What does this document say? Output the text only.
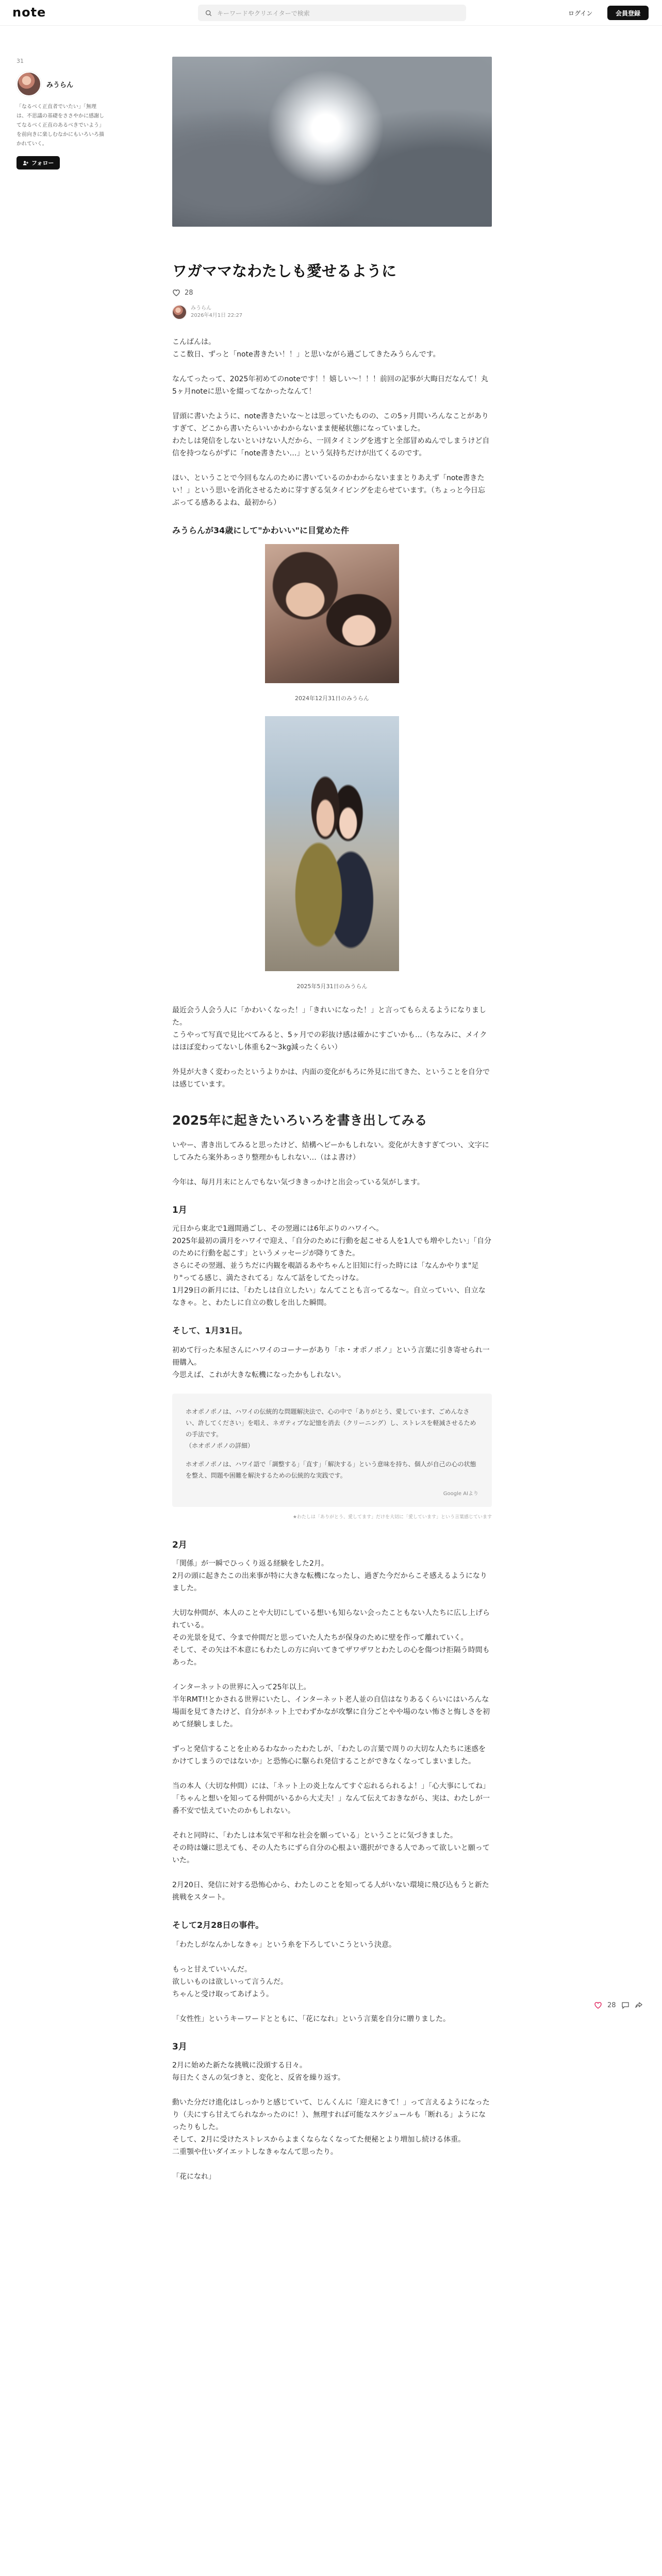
note	キーワードやクリエイターで検索	ログイン	会員登録
31
みうらん
「なるべく正直者でいたい」「無理は、不思議の基礎をささやかに感謝してなるべく正直のあるべきでいよう」を前向きに楽しむなかにもいろいろ描かれていく。
フォロー
ワガママなわたしも愛せるように
28
みうらん
2026年4月1日 22:27

こんばんは。
ここ数日、ずっと「note書きたい！！」と思いながら過ごしてきたみうらんです。

なんてったって、2025年初めてのnoteです！！嬉しい〜！！！前回の記事が大晦日だなんて！丸5ヶ月noteに思いを綴ってなかったなんて！

冒頭に書いたように、note書きたいな〜とは思っていたものの、この5ヶ月間いろんなことがありすぎて、どこから書いたらいいかわからないまま便秘状態になっていました。
わたしは発信をしないといけない人だから、一回タイミングを逃すと全部冒めぬんでしまうけど自信を持つならがずに「note書きたい…」という気持ちだけが出てくるのです。

ほい、ということで今回もなんのために書いているのかわからないままとりあえず「note書きたい！」という思いを消化させるために芽すぎる気タイピングを走らせています。（ちょっと今日忘ぶってる感あるよね、最初から）

みうらんが34歳にして"かわいい"に目覚めた件
2024年12月31日のみうらん
2025年5月31日のみうらん

最近会う人会う人に「かわいくなった！」「きれいになった！」と言ってもらえるようになりました。
こうやって写真で見比べてみると、5ヶ月での彩抜け感は確かにすごいかも…（ちなみに、メイクはほぼ変わってないし体重も2〜3kg減ったくらい）

外見が大きく変わったというよりかは、内面の変化がもろに外見に出てきた、ということを自分では感じています。

2025年に起きたいろいろを書き出してみる

いやー、書き出してみると思ったけど、結構ヘビーかもしれない。変化が大きすぎてつい、文字にしてみたら案外あっさり整理かもしれない…（はよ書け）

今年は、毎月月末にとんでもない気づききっかけと出会っている気がします。

1月

元日から東北で1週間過ごし、その翌週には6年ぶりのハワイへ。
2025年最初の満月をハワイで迎え、「自分のために行動を起こせる人を1人でも増やしたい」「自分のために行動を起こす」というメッセージが降りてきた。
さらにその翌週、並うちだに内観を覗語るあやちゃんと旧知に行った時には「なんかやりま"足り"ってる感じ、満たされてる」なんて話をしてたっけな。
1月29日の新月には、「わたしは自立したい」なんてことも言ってるな〜。自立っていい、自立ななきゃ。と、わたしに自立の数しを出した瞬間。

そして、1月31日。

初めて行った本屋さんにハワイのコーナーがあり「ホ・オポノポノ」という言葉に引き寄せられ一冊購入。
今思えば、これが大きな転機になったかもしれない。

ホオポノポノは、ハワイの伝統的な問題解決法で、心の中で「ありがとう、愛しています、ごめんなさい、許してください」を唱え、ネガティブな記憶を消去（クリーニング）し、ストレスを軽減させるための手法です。
（ホオポノポノの詳細）

ホオポノポノは、ハワイ語で「調整する」「直す」「解決する」という意味を持ち、個人が自己の心の状態を整え、問題や困難を解決するための伝統的な実践です。

Google AIより
★わたしは「ありがとう、愛してます」だけを大切に「愛しています」という言葉感じています
2月

「関係」が一瞬でひっくり返る経験をした2月。
2月の頭に起きたこの出来事が特に大きな転機になったし、過ぎた今だからこそ感えるようになりました。

大切な仲間が、本人のことや大切にしている想いも知らない会ったこともない人たちに広し上げられている。
その光景を見て、今まで仲間だと思っていた人たちが保身のために壁を作って離れていく。
そして、その矢は不本意にもわたしの方に向いてきてザワザワとわたしの心を傷つけ拒隔う時間もあった。

インターネットの世界に入って25年以上。
半年RMT!!とかされる世界にいたし、インターネット老人並の自信はなりあるくらいにはいろんな場面を見てきたけど、自分がネット上でわずかなが攻撃に自分ごとやや場のない怖さと悔しさを初めて経験しました。

ずっと発信することを止めるわなかったわたしが、「わたしの言葉で周りの大切な人たちに迷惑をかけてしまうのではないか」と恐怖心に駆られ発信することができなくなってしまいました。

当の本人（大切な仲間）には、「ネット上の炎上なんてすぐ忘れるられるよ！」「心大事にしてね」「ちゃんと想いを知ってる仲間がいるから大丈夫！」なんて伝えておきながら、実は、わたしが一番不安で怯えていたのかもしれない。

それと同時に、「わたしは本気で平和な社会を願っている」ということに気づきました。
その時は嫌に思えても、その人たちにずら自分の心根よい選択ができる人であって欲しいと願っていた。

2月20日、発信に対する恐怖心から、わたしのことを知ってる人がいない環境に飛び込もうと新た挑戦をスタート。

そして2月28日の事件。

「わたしがなんかしなきゃ」という糸を下ろしていこうという決意。

もっと甘えていいんだ。
欲しいものは欲しいって言うんだ。
ちゃんと受け取ってあげよう。

「女性性」というキーワードとともに、「花になれ」という言葉を自分に贈りました。

3月

2月に始めた新たな挑戦に没頭する日々。
毎日たくさんの気づきと、変化と、反省を繰り返す。

動いた分だけ進化はしっかりと感じていて、じんくんに「迎えにきて！」って言えるようになったり（夫にすら甘えてられなかったのに！）、無理すれば可能なスケジュールも「断れる」ようになったりもした。
そして、2月に受けたストレスからよまくならなくなってた便秘とより増加し続ける体重。
二重顎や仕いダイエットしなきゃなんて思ったり。

「花になれ」

28
